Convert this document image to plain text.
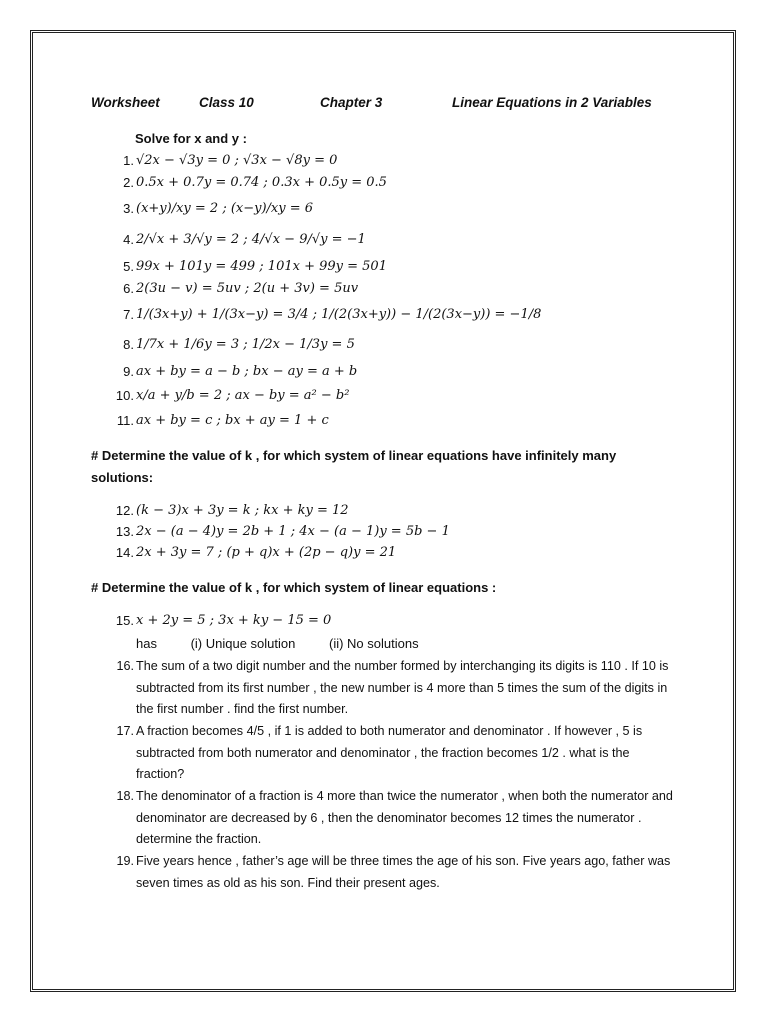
Worksheet	Class 10	Chapter 3	Linear Equations in 2 Variables
Solve for x and y :
1. √2x − √3y = 0 ; √3x − √8y = 0
2. 0.5x + 0.7y = 0.74 ; 0.3x + 0.5y = 0.5
3. (x+y)/xy = 2 ; (x−y)/xy = 6
4. 2/√x + 3/√y = 2 ; 4/√x − 9/√y = −1
5. 99x + 101y = 499 ; 101x + 99y = 501
6. 2(3u − v) = 5uv ; 2(u + 3v) = 5uv
7. 1/(3x+y) + 1/(3x−y) = 3/4 ; 1/(2(3x+y)) − 1/(2(3x−y)) = −1/8
8. 1/7x + 1/6y = 3 ; 1/2x − 1/3y = 5
9. ax + by = a − b ; bx − ay = a + b
10. x/a + y/b = 2 ; ax − by = a² − b²
11. ax + by = c ; bx + ay = 1 + c
# Determine the value of k , for which system of linear equations have infinitely many solutions:
12. (k − 3)x + 3y = k ; kx + ky = 12
13. 2x − (a − 4)y = 2b + 1 ; 4x − (a − 1)y = 5b − 1
14. 2x + 3y = 7 ; (p + q)x + (2p − q)y = 21
# Determine the value of k , for which system of linear equations :
15. x + 2y = 5 ; 3x + ky − 15 = 0
has	(i) Unique solution	(ii) No solutions
16. The sum of a two digit number and the number formed by interchanging its digits is 110 . If 10 is subtracted from its first number , the new number is 4 more than 5 times the sum of the digits in the first number . find the first number.
17. A fraction becomes 4/5 , if 1 is added to both numerator and denominator . If however , 5 is subtracted from both numerator and denominator , the fraction becomes 1/2 . what is the fraction?
18. The denominator of a fraction is 4 more than twice the numerator , when both the numerator and denominator are decreased by 6 , then the denominator becomes 12 times the numerator . determine the fraction.
19. Five years hence , father’s age will be three times the age of his son. Five years ago, father was seven times as old as his son. Find their present ages.
